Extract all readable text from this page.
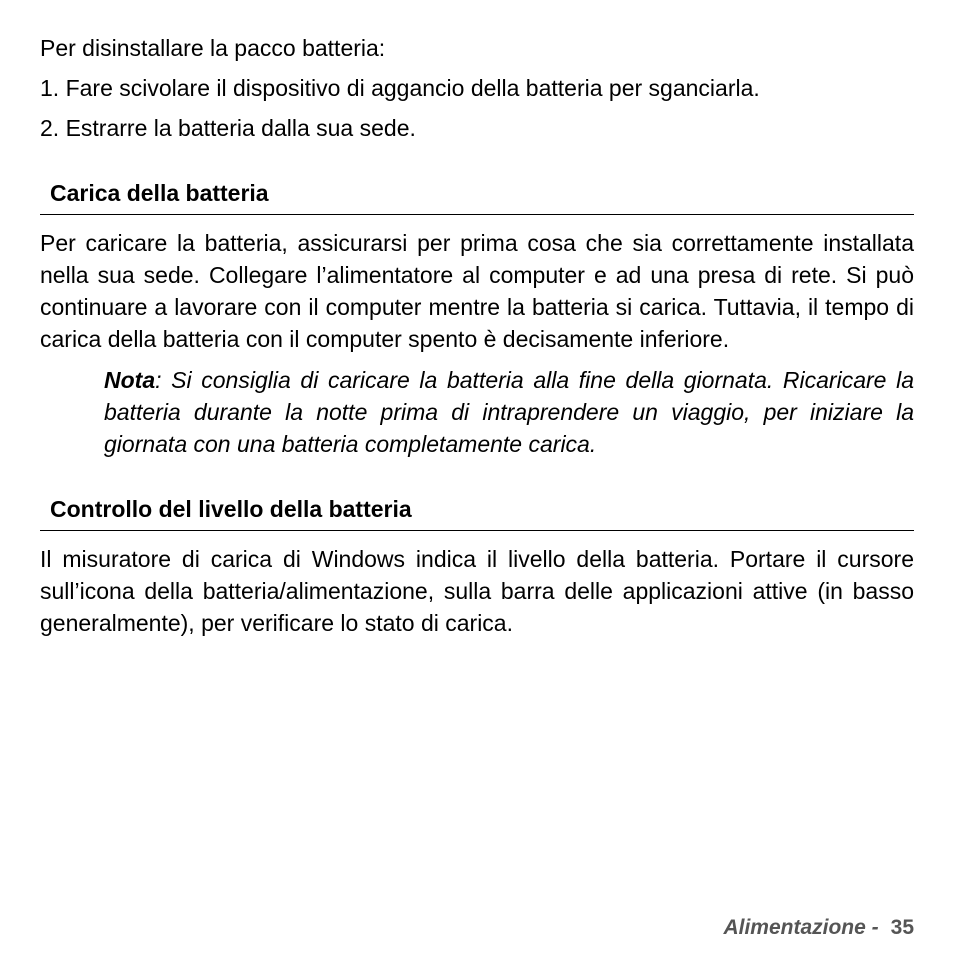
Per disinstallare la pacco batteria:

1. Fare scivolare il dispositivo di aggancio della batteria per sganciarla.

2. Estrarre la batteria dalla sua sede.

Carica della batteria

Per caricare la batteria, assicurarsi per prima cosa che sia correttamente installata nella sua sede. Collegare l’alimentatore al computer e ad una presa di rete. Si può continuare a lavorare con il computer mentre la batteria si carica. Tuttavia, il tempo di carica della batteria con il computer spento è decisamente inferiore.

Nota: Si consiglia di caricare la batteria alla fine della giornata. Ricaricare la batteria durante la notte prima di intraprendere un viaggio, per iniziare la giornata con una batteria completamente carica.
Controllo del livello della batteria

Il misuratore di carica di Windows indica il livello della batteria. Portare il cursore sull’icona della batteria/alimentazione, sulla barra delle applicazioni attive (in basso generalmente), per verificare lo stato di carica.

Alimentazione - 35
